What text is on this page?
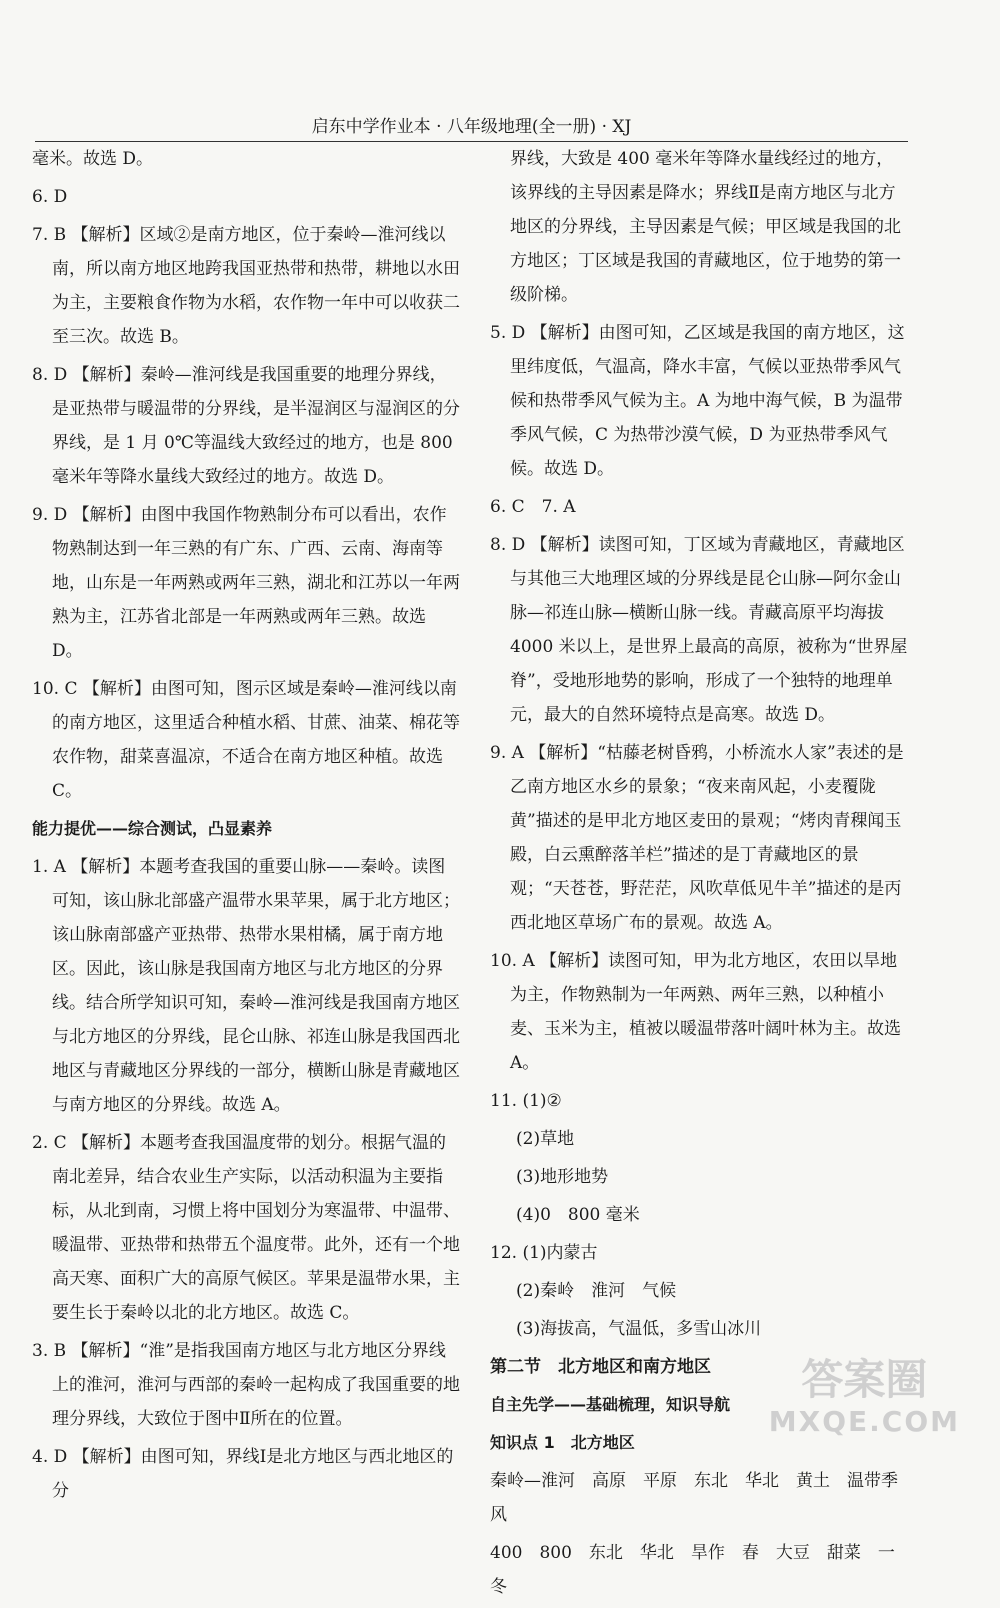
启东中学作业本 · 八年级地理(全一册) · XJ

毫米。故选 D。

6. D

7. B 【解析】区域②是南方地区，位于秦岭—淮河线以南，所以南方地区地跨我国亚热带和热带，耕地以水田为主，主要粮食作物为水稻，农作物一年中可以收获二至三次。故选 B。

8. D 【解析】秦岭—淮河线是我国重要的地理分界线，是亚热带与暖温带的分界线，是半湿润区与湿润区的分界线，是 1 月 0℃等温线大致经过的地方，也是 800 毫米年等降水量线大致经过的地方。故选 D。

9. D 【解析】由图中我国作物熟制分布可以看出，农作物熟制达到一年三熟的有广东、广西、云南、海南等地，山东是一年两熟或两年三熟，湖北和江苏以一年两熟为主，江苏省北部是一年两熟或两年三熟。故选 D。

10. C 【解析】由图可知，图示区域是秦岭—淮河线以南的南方地区，这里适合种植水稻、甘蔗、油菜、棉花等农作物，甜菜喜温凉，不适合在南方地区种植。故选 C。

能力提优——综合测试，凸显素养

1. A 【解析】本题考查我国的重要山脉——秦岭。读图可知，该山脉北部盛产温带水果苹果，属于北方地区；该山脉南部盛产亚热带、热带水果柑橘，属于南方地区。因此，该山脉是我国南方地区与北方地区的分界线。结合所学知识可知，秦岭—淮河线是我国南方地区与北方地区的分界线，昆仑山脉、祁连山脉是我国西北地区与青藏地区分界线的一部分，横断山脉是青藏地区与南方地区的分界线。故选 A。

2. C 【解析】本题考查我国温度带的划分。根据气温的南北差异，结合农业生产实际，以活动积温为主要指标，从北到南，习惯上将中国划分为寒温带、中温带、暖温带、亚热带和热带五个温度带。此外，还有一个地高天寒、面积广大的高原气候区。苹果是温带水果，主要生长于秦岭以北的北方地区。故选 C。

3. B 【解析】“淮”是指我国南方地区与北方地区分界线上的淮河，淮河与西部的秦岭一起构成了我国重要的地理分界线，大致位于图中Ⅱ所在的位置。

4. D 【解析】由图可知，界线Ⅰ是北方地区与西北地区的分

界线，大致是 400 毫米年等降水量线经过的地方，该界线的主导因素是降水；界线Ⅱ是南方地区与北方地区的分界线，主导因素是气候；甲区域是我国的北方地区；丁区域是我国的青藏地区，位于地势的第一级阶梯。

5. D 【解析】由图可知，乙区域是我国的南方地区，这里纬度低，气温高，降水丰富，气候以亚热带季风气候和热带季风气候为主。A 为地中海气候，B 为温带季风气候，C 为热带沙漠气候，D 为亚热带季风气候。故选 D。

6. C　7. A

8. D 【解析】读图可知，丁区域为青藏地区，青藏地区与其他三大地理区域的分界线是昆仑山脉—阿尔金山脉—祁连山脉—横断山脉一线。青藏高原平均海拔 4000 米以上，是世界上最高的高原，被称为“世界屋脊”，受地形地势的影响，形成了一个独特的地理单元，最大的自然环境特点是高寒。故选 D。

9. A 【解析】“枯藤老树昏鸦，小桥流水人家”表述的是乙南方地区水乡的景象；“夜来南风起，小麦覆陇黄”描述的是甲北方地区麦田的景观；“烤肉青稞闻玉殿，白云熏醉落羊栏”描述的是丁青藏地区的景观；“天苍苍，野茫茫，风吹草低见牛羊”描述的是丙西北地区草场广布的景观。故选 A。

10. A 【解析】读图可知，甲为北方地区，农田以旱地为主，作物熟制为一年两熟、两年三熟，以种植小麦、玉米为主，植被以暖温带落叶阔叶林为主。故选 A。

11. (1)②

(2)草地

(3)地形地势

(4)0　800 毫米

12. (1)内蒙古

(2)秦岭　淮河　气候

(3)海拔高，气温低，多雪山冰川

第二节　北方地区和南方地区

自主先学——基础梳理，知识导航

知识点 1　北方地区

秦岭—淮河　高原　平原　东北　华北　黄土　温带季风

400　800　东北　华北　旱作　春　大豆　甜菜　一　冬

答案圈
MXQE.COM
